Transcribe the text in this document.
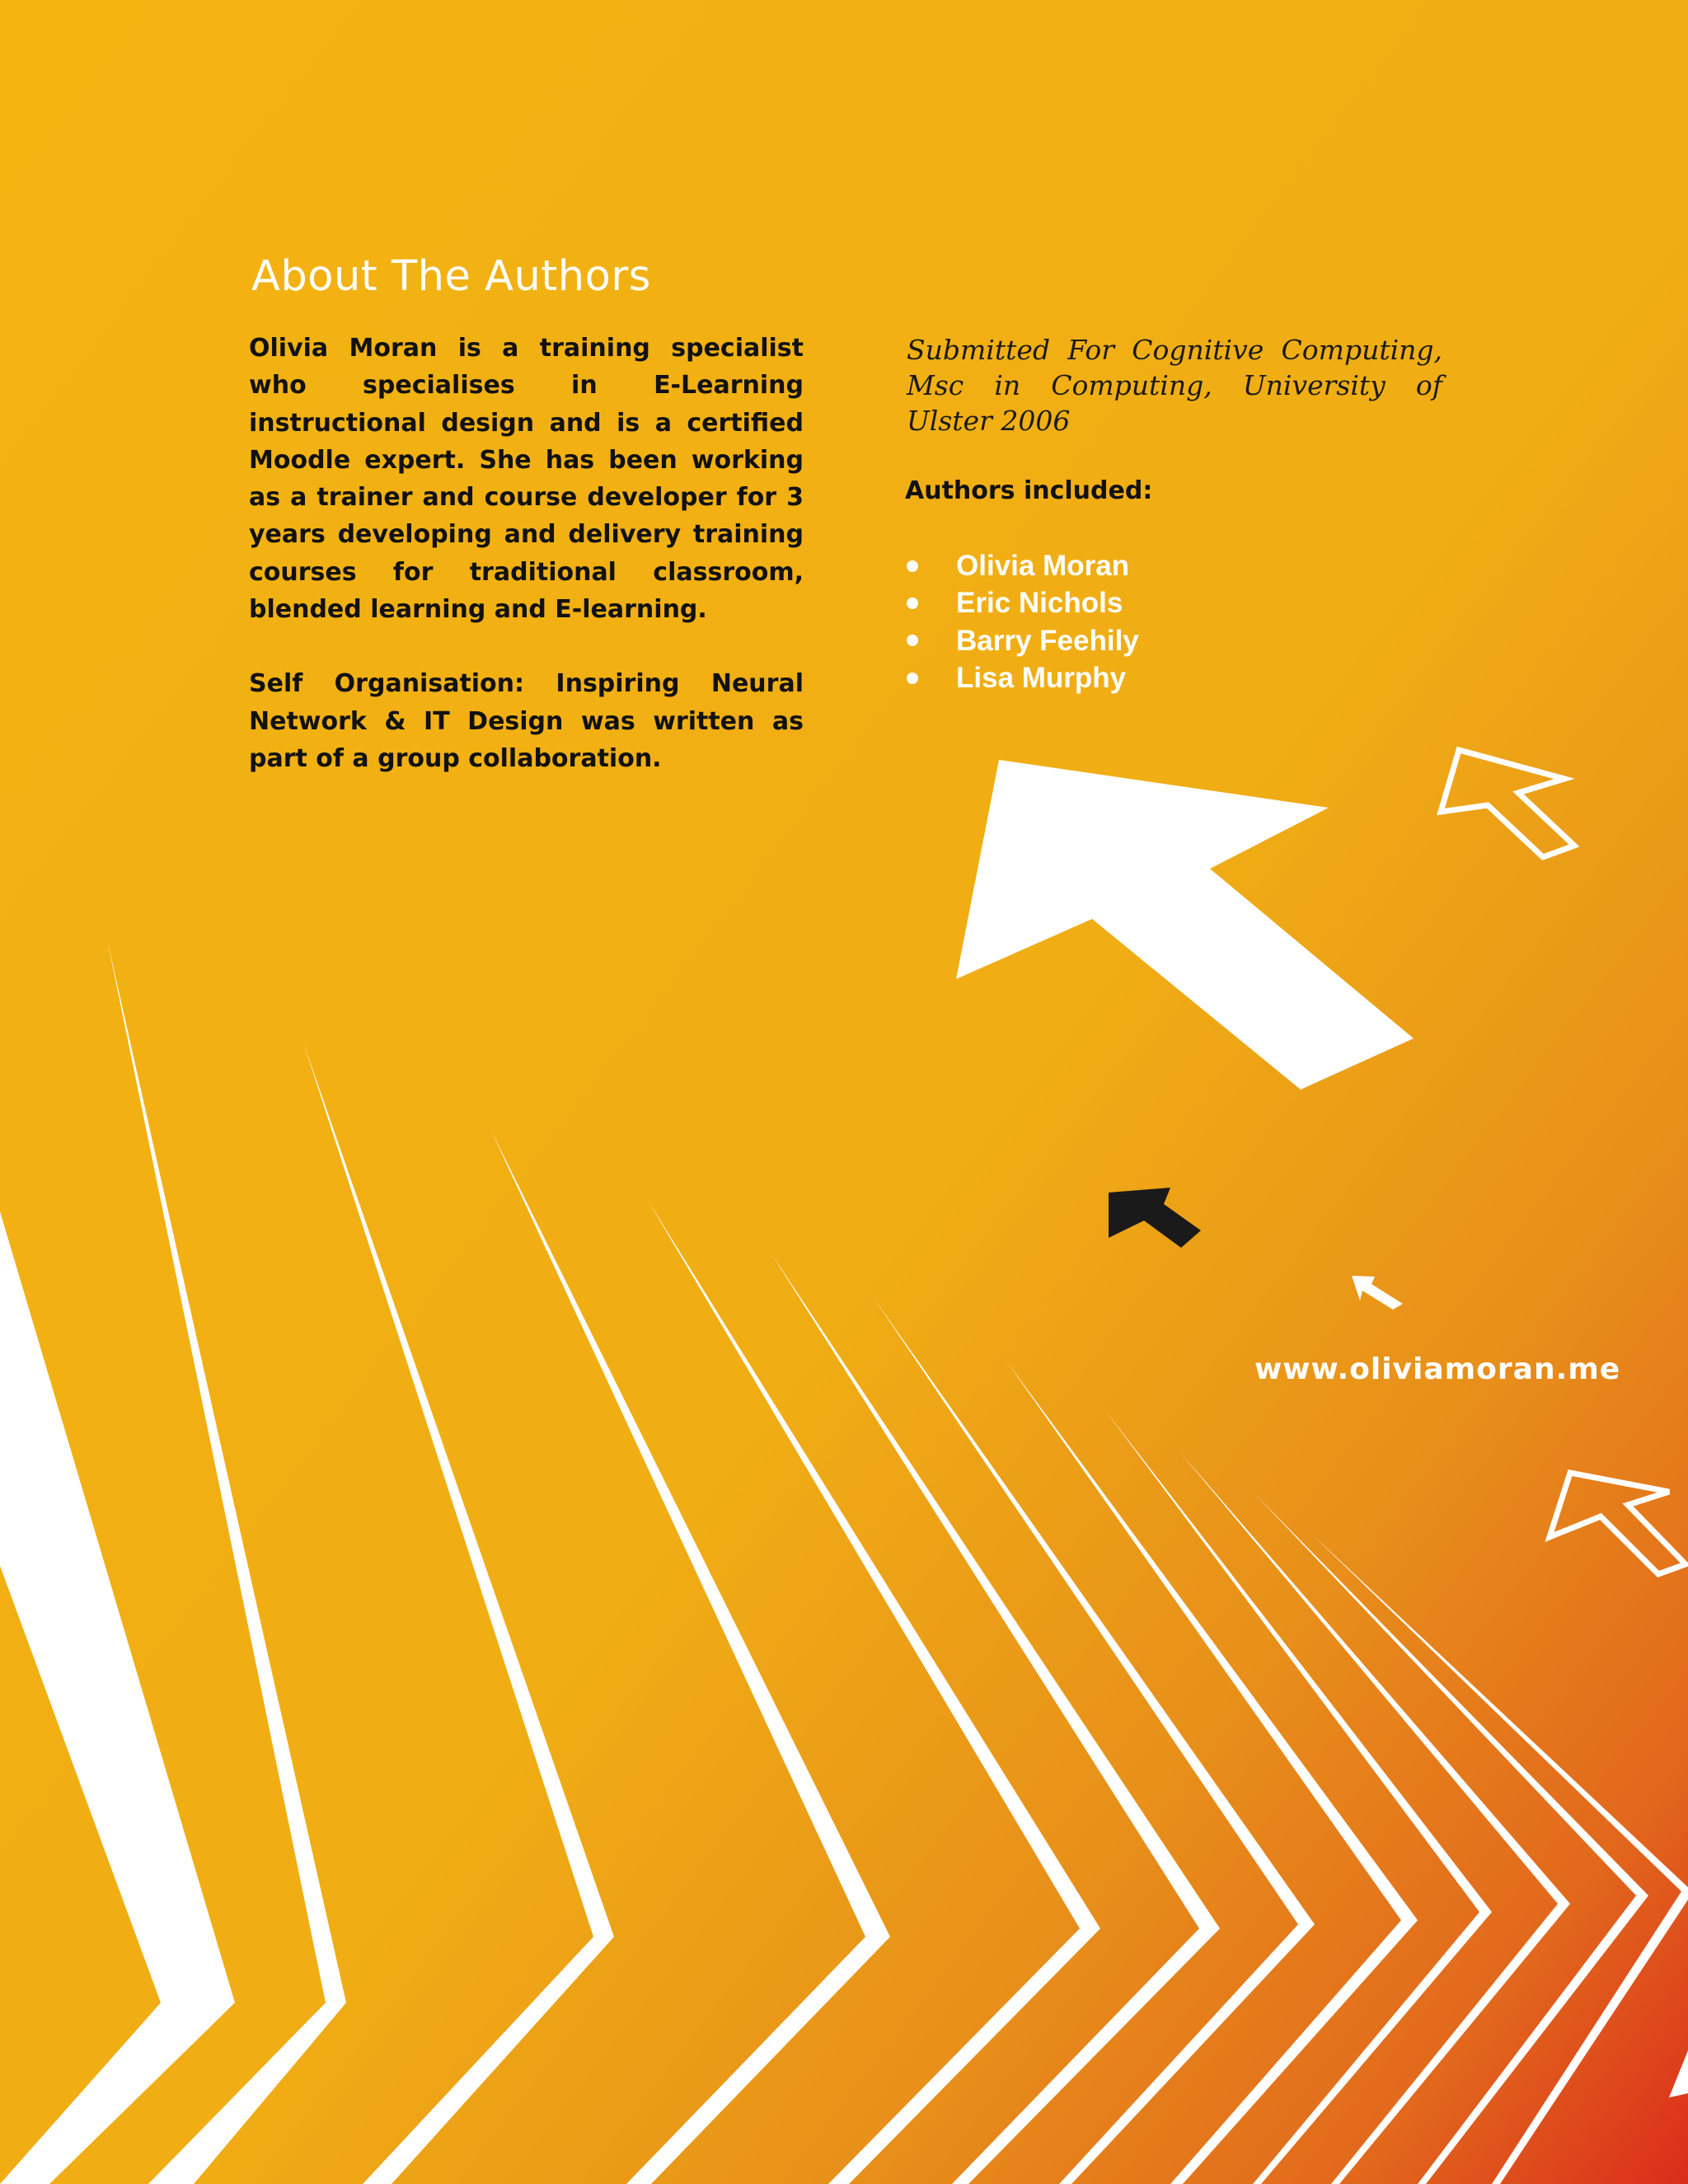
About The Authors

Olivia Moran is a training specialist who specialises in E-Learning instructional design and is a certified Moodle expert. She has been working as a trainer and course developer for 3 years developing and delivery training courses for traditional classroom, blended learning and E-learning.

Self Organisation: Inspiring Neural Network & IT Design was written as part of a group collaboration.

Submitted For Cognitive Computing, Msc in Computing, University of Ulster 2006

Authors included:

Olivia Moran
Eric Nichols
Barry Feehily
Lisa Murphy

www.oliviamoran.me
